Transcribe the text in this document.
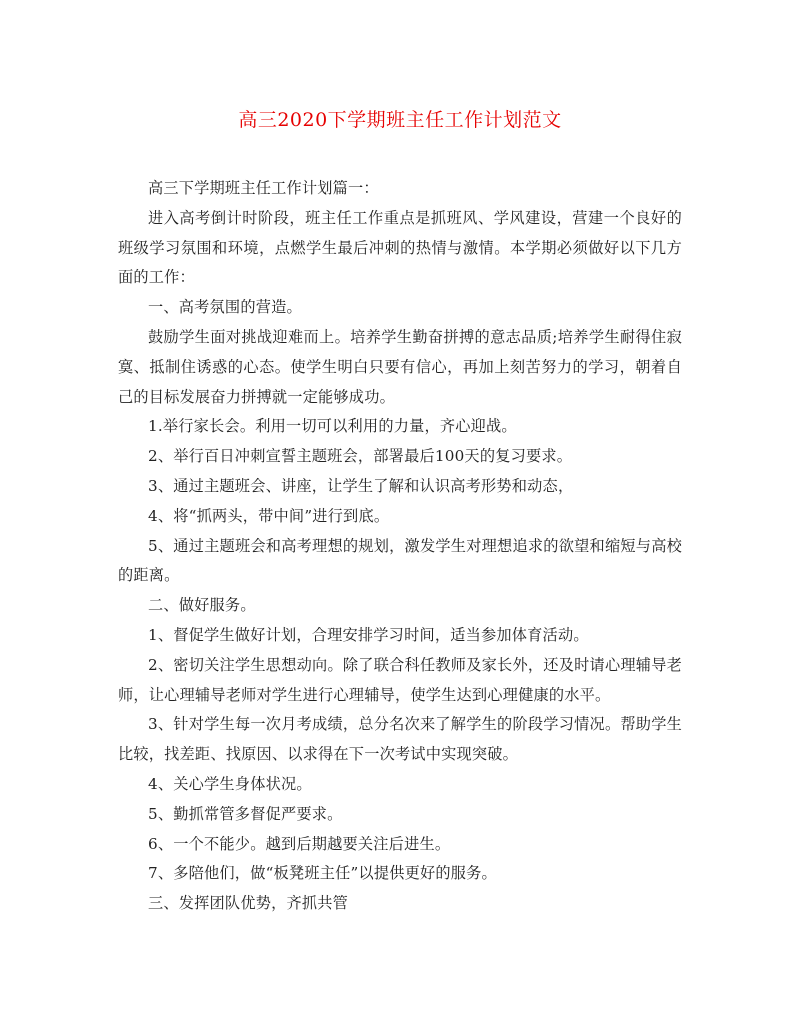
高三2020下学期班主任工作计划范文

高三下学期班主任工作计划篇一：

进入高考倒计时阶段，班主任工作重点是抓班风、学风建设，营建一个良好的班级学习氛围和环境，点燃学生最后冲刺的热情与激情。本学期必须做好以下几方面的工作：

一、高考氛围的营造。

鼓励学生面对挑战迎难而上。培养学生勤奋拼搏的意志品质;培养学生耐得住寂寞、抵制住诱惑的心态。使学生明白只要有信心，再加上刻苦努力的学习，朝着自己的目标发展奋力拼搏就一定能够成功。

1.举行家长会。利用一切可以利用的力量，齐心迎战。

2、举行百日冲刺宣誓主题班会，部署最后100天的复习要求。

3、通过主题班会、讲座，让学生了解和认识高考形势和动态，

4、将“抓两头，带中间”进行到底。

5、通过主题班会和高考理想的规划，激发学生对理想追求的欲望和缩短与高校的距离。

二、做好服务。

1、督促学生做好计划，合理安排学习时间，适当参加体育活动。

2、密切关注学生思想动向。除了联合科任教师及家长外，还及时请心理辅导老师，让心理辅导老师对学生进行心理辅导，使学生达到心理健康的水平。

3、针对学生每一次月考成绩，总分名次来了解学生的阶段学习情况。帮助学生比较，找差距、找原因、以求得在下一次考试中实现突破。

4、关心学生身体状况。

5、勤抓常管多督促严要求。

6、一个不能少。越到后期越要关注后进生。

7、多陪他们，做“板凳班主任”以提供更好的服务。

三、发挥团队优势，齐抓共管
